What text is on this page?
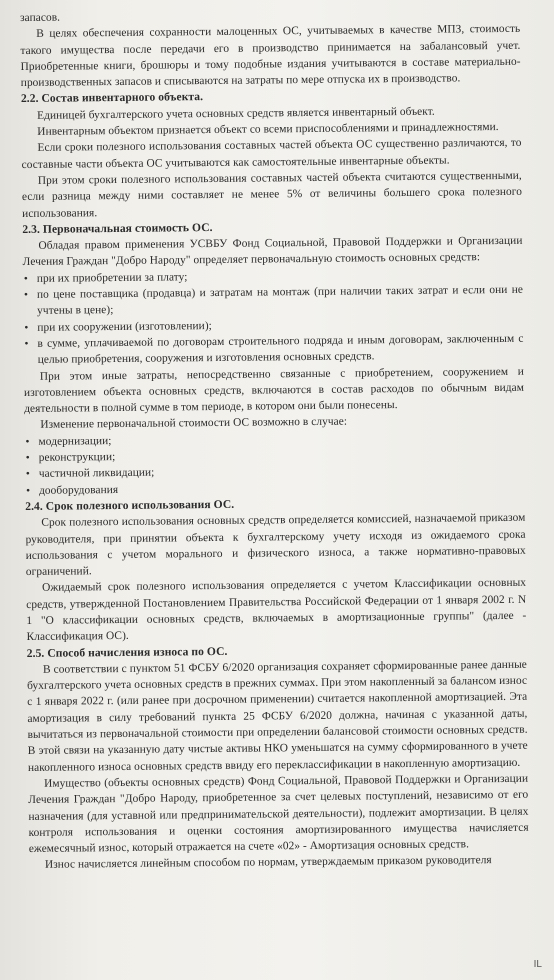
запасов.

В целях обеспечения сохранности малоценных ОС, учитываемых в качестве МПЗ, стоимость такого имущества после передачи его в производство принимается на забалансовый учет. Приобретенные книги, брошюры и тому подобные издания учитываются в составе материально-производственных запасов и списываются на затраты по мере отпуска их в производство.

2.2. Состав инвентарного объекта.

Единицей бухгалтерского учета основных средств является инвентарный объект.

Инвентарным объектом признается объект со всеми приспособлениями и принадлежностями.

Если сроки полезного использования составных частей объекта ОС существенно различаются, то составные части объекта ОС учитываются как самостоятельные инвентарные объекты.

При этом сроки полезного использования составных частей объекта считаются существенными, если разница между ними составляет не менее 5% от величины большего срока полезного использования.

2.3. Первоначальная стоимость ОС.

Обладая правом применения УСВБУ Фонд Социальной, Правовой Поддержки и Организации Лечения Граждан "Добро Народу" определяет первоначальную стоимость основных средств:

• при их приобретении за плату;
• по цене поставщика (продавца) и затратам на монтаж (при наличии таких затрат и если они не учтены в цене);
• при их сооружении (изготовлении);
• в сумме, уплачиваемой по договорам строительного подряда и иным договорам, заключенным с целью приобретения, сооружения и изготовления основных средств.

При этом иные затраты, непосредственно связанные с приобретением, сооружением и изготовлением объекта основных средств, включаются в состав расходов по обычным видам деятельности в полной сумме в том периоде, в котором они были понесены.

Изменение первоначальной стоимости ОС возможно в случае:

• модернизации;
• реконструкции;
• частичной ликвидации;
• дооборудования
2.4. Срок полезного использования ОС.

Срок полезного использования основных средств определяется комиссией, назначаемой приказом руководителя, при принятии объекта к бухгалтерскому учету исходя из ожидаемого срока использования с учетом морального и физического износа, а также нормативно-правовых ограничений.

Ожидаемый срок полезного использования определяется с учетом Классификации основных средств, утвержденной Постановлением Правительства Российской Федерации от 1 января 2002 г. N 1 "О классификации основных средств, включаемых в амортизационные группы" (далее - Классификация ОС).

2.5. Способ начисления износа по ОС.

В соответствии с пунктом 51 ФСБУ 6/2020 организация сохраняет сформированные ранее данные бухгалтерского учета основных средств в прежних суммах. При этом накопленный за балансом износ с 1 января 2022 г. (или ранее при досрочном применении) считается накопленной амортизацией. Эта амортизация в силу требований пункта 25 ФСБУ 6/2020 должна, начиная с указанной даты, вычитаться из первоначальной стоимости при определении балансовой стоимости основных средств. В этой связи на указанную дату чистые активы НКО уменьшатся на сумму сформированного в учете накопленного износа основных средств ввиду его переклассификации в накопленную амортизацию.

Имущество (объекты основных средств) Фонд Социальной, Правовой Поддержки и Организации Лечения Граждан "Добро Народу, приобретенное за счет целевых поступлений, независимо от его назначения (для уставной или предпринимательской деятельности), подлежит амортизации. В целях контроля использования и оценки состояния амортизированного имущества начисляется ежемесячный износ, который отражается на счете «02» - Амортизация основных средств.

Износ начисляется линейным способом по нормам, утверждаемым приказом руководителя

IL
